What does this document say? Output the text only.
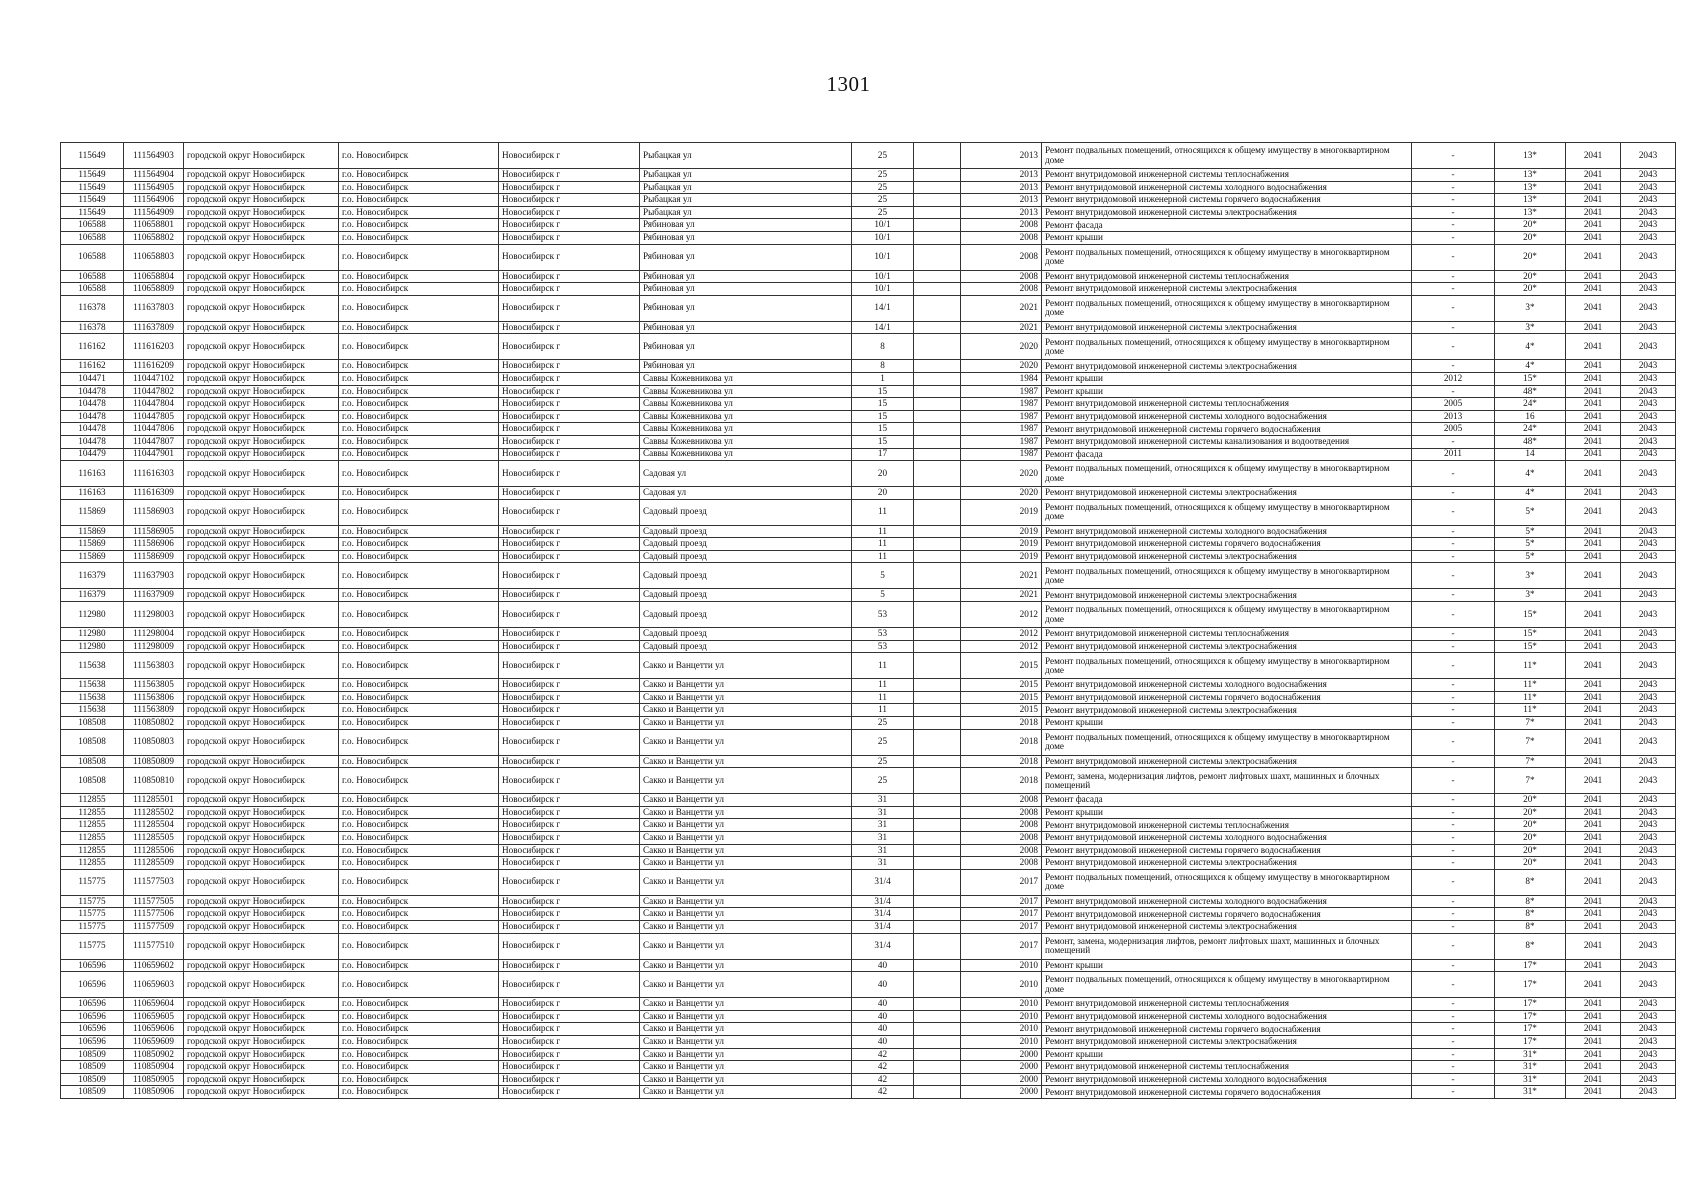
1301
115649	111564903	городской округ Новосибирск	г.о. Новосибирск	Новосибирск г	Рыбацкая ул	25		2013	Ремонт подвальных помещений, относящихся к общему имуществу в многоквартирном доме	-	13*	2041	2043
115649	111564904	городской округ Новосибирск	г.о. Новосибирск	Новосибирск г	Рыбацкая ул	25		2013	Ремонт внутридомовой инженерной системы теплоснабжения	-	13*	2041	2043
115649	111564905	городской округ Новосибирск	г.о. Новосибирск	Новосибирск г	Рыбацкая ул	25		2013	Ремонт внутридомовой инженерной системы холодного водоснабжения	-	13*	2041	2043
115649	111564906	городской округ Новосибирск	г.о. Новосибирск	Новосибирск г	Рыбацкая ул	25		2013	Ремонт внутридомовой инженерной системы горячего водоснабжения	-	13*	2041	2043
115649	111564909	городской округ Новосибирск	г.о. Новосибирск	Новосибирск г	Рыбацкая ул	25		2013	Ремонт внутридомовой инженерной системы электроснабжения	-	13*	2041	2043
106588	110658801	городской округ Новосибирск	г.о. Новосибирск	Новосибирск г	Рябиновая ул	10/1		2008	Ремонт фасада	-	20*	2041	2043
106588	110658802	городской округ Новосибирск	г.о. Новосибирск	Новосибирск г	Рябиновая ул	10/1		2008	Ремонт крыши	-	20*	2041	2043
106588	110658803	городской округ Новосибирск	г.о. Новосибирск	Новосибирск г	Рябиновая ул	10/1		2008	Ремонт подвальных помещений, относящихся к общему имуществу в многоквартирном доме	-	20*	2041	2043
106588	110658804	городской округ Новосибирск	г.о. Новосибирск	Новосибирск г	Рябиновая ул	10/1		2008	Ремонт внутридомовой инженерной системы теплоснабжения	-	20*	2041	2043
106588	110658809	городской округ Новосибирск	г.о. Новосибирск	Новосибирск г	Рябиновая ул	10/1		2008	Ремонт внутридомовой инженерной системы электроснабжения	-	20*	2041	2043
116378	111637803	городской округ Новосибирск	г.о. Новосибирск	Новосибирск г	Рябиновая ул	14/1		2021	Ремонт подвальных помещений, относящихся к общему имуществу в многоквартирном доме	-	3*	2041	2043
116378	111637809	городской округ Новосибирск	г.о. Новосибирск	Новосибирск г	Рябиновая ул	14/1		2021	Ремонт внутридомовой инженерной системы электроснабжения	-	3*	2041	2043
116162	111616203	городской округ Новосибирск	г.о. Новосибирск	Новосибирск г	Рябиновая ул	8		2020	Ремонт подвальных помещений, относящихся к общему имуществу в многоквартирном доме	-	4*	2041	2043
116162	111616209	городской округ Новосибирск	г.о. Новосибирск	Новосибирск г	Рябиновая ул	8		2020	Ремонт внутридомовой инженерной системы электроснабжения	-	4*	2041	2043
104471	110447102	городской округ Новосибирск	г.о. Новосибирск	Новосибирск г	Саввы Кожевникова ул	1		1984	Ремонт крыши	2012	15*	2041	2043
104478	110447802	городской округ Новосибирск	г.о. Новосибирск	Новосибирск г	Саввы Кожевникова ул	15		1987	Ремонт крыши	-	48*	2041	2043
104478	110447804	городской округ Новосибирск	г.о. Новосибирск	Новосибирск г	Саввы Кожевникова ул	15		1987	Ремонт внутридомовой инженерной системы теплоснабжения	2005	24*	2041	2043
104478	110447805	городской округ Новосибирск	г.о. Новосибирск	Новосибирск г	Саввы Кожевникова ул	15		1987	Ремонт внутридомовой инженерной системы холодного водоснабжения	2013	16	2041	2043
104478	110447806	городской округ Новосибирск	г.о. Новосибирск	Новосибирск г	Саввы Кожевникова ул	15		1987	Ремонт внутридомовой инженерной системы горячего водоснабжения	2005	24*	2041	2043
104478	110447807	городской округ Новосибирск	г.о. Новосибирск	Новосибирск г	Саввы Кожевникова ул	15		1987	Ремонт внутридомовой инженерной системы канализования и водоотведения	-	48*	2041	2043
104479	110447901	городской округ Новосибирск	г.о. Новосибирск	Новосибирск г	Саввы Кожевникова ул	17		1987	Ремонт фасада	2011	14	2041	2043
116163	111616303	городской округ Новосибирск	г.о. Новосибирск	Новосибирск г	Садовая ул	20		2020	Ремонт подвальных помещений, относящихся к общему имуществу в многоквартирном доме	-	4*	2041	2043
116163	111616309	городской округ Новосибирск	г.о. Новосибирск	Новосибирск г	Садовая ул	20		2020	Ремонт внутридомовой инженерной системы электроснабжения	-	4*	2041	2043
115869	111586903	городской округ Новосибирск	г.о. Новосибирск	Новосибирск г	Садовый проезд	11		2019	Ремонт подвальных помещений, относящихся к общему имуществу в многоквартирном доме	-	5*	2041	2043
115869	111586905	городской округ Новосибирск	г.о. Новосибирск	Новосибирск г	Садовый проезд	11		2019	Ремонт внутридомовой инженерной системы холодного водоснабжения	-	5*	2041	2043
115869	111586906	городской округ Новосибирск	г.о. Новосибирск	Новосибирск г	Садовый проезд	11		2019	Ремонт внутридомовой инженерной системы горячего водоснабжения	-	5*	2041	2043
115869	111586909	городской округ Новосибирск	г.о. Новосибирск	Новосибирск г	Садовый проезд	11		2019	Ремонт внутридомовой инженерной системы электроснабжения	-	5*	2041	2043
116379	111637903	городской округ Новосибирск	г.о. Новосибирск	Новосибирск г	Садовый проезд	5		2021	Ремонт подвальных помещений, относящихся к общему имуществу в многоквартирном доме	-	3*	2041	2043
116379	111637909	городской округ Новосибирск	г.о. Новосибирск	Новосибирск г	Садовый проезд	5		2021	Ремонт внутридомовой инженерной системы электроснабжения	-	3*	2041	2043
112980	111298003	городской округ Новосибирск	г.о. Новосибирск	Новосибирск г	Садовый проезд	53		2012	Ремонт подвальных помещений, относящихся к общему имуществу в многоквартирном доме	-	15*	2041	2043
112980	111298004	городской округ Новосибирск	г.о. Новосибирск	Новосибирск г	Садовый проезд	53		2012	Ремонт внутридомовой инженерной системы теплоснабжения	-	15*	2041	2043
112980	111298009	городской округ Новосибирск	г.о. Новосибирск	Новосибирск г	Садовый проезд	53		2012	Ремонт внутридомовой инженерной системы электроснабжения	-	15*	2041	2043
115638	111563803	городской округ Новосибирск	г.о. Новосибирск	Новосибирск г	Сакко и Ванцетти ул	11		2015	Ремонт подвальных помещений, относящихся к общему имуществу в многоквартирном доме	-	11*	2041	2043
115638	111563805	городской округ Новосибирск	г.о. Новосибирск	Новосибирск г	Сакко и Ванцетти ул	11		2015	Ремонт внутридомовой инженерной системы холодного водоснабжения	-	11*	2041	2043
115638	111563806	городской округ Новосибирск	г.о. Новосибирск	Новосибирск г	Сакко и Ванцетти ул	11		2015	Ремонт внутридомовой инженерной системы горячего водоснабжения	-	11*	2041	2043
115638	111563809	городской округ Новосибирск	г.о. Новосибирск	Новосибирск г	Сакко и Ванцетти ул	11		2015	Ремонт внутридомовой инженерной системы электроснабжения	-	11*	2041	2043
108508	110850802	городской округ Новосибирск	г.о. Новосибирск	Новосибирск г	Сакко и Ванцетти ул	25		2018	Ремонт крыши	-	7*	2041	2043
108508	110850803	городской округ Новосибирск	г.о. Новосибирск	Новосибирск г	Сакко и Ванцетти ул	25		2018	Ремонт подвальных помещений, относящихся к общему имуществу в многоквартирном доме	-	7*	2041	2043
108508	110850809	городской округ Новосибирск	г.о. Новосибирск	Новосибирск г	Сакко и Ванцетти ул	25		2018	Ремонт внутридомовой инженерной системы электроснабжения	-	7*	2041	2043
108508	110850810	городской округ Новосибирск	г.о. Новосибирск	Новосибирск г	Сакко и Ванцетти ул	25		2018	Ремонт, замена, модернизация лифтов, ремонт лифтовых шахт, машинных и блочных помещений	-	7*	2041	2043
112855	111285501	городской округ Новосибирск	г.о. Новосибирск	Новосибирск г	Сакко и Ванцетти ул	31		2008	Ремонт фасада	-	20*	2041	2043
112855	111285502	городской округ Новосибирск	г.о. Новосибирск	Новосибирск г	Сакко и Ванцетти ул	31		2008	Ремонт крыши	-	20*	2041	2043
112855	111285504	городской округ Новосибирск	г.о. Новосибирск	Новосибирск г	Сакко и Ванцетти ул	31		2008	Ремонт внутридомовой инженерной системы теплоснабжения	-	20*	2041	2043
112855	111285505	городской округ Новосибирск	г.о. Новосибирск	Новосибирск г	Сакко и Ванцетти ул	31		2008	Ремонт внутридомовой инженерной системы холодного водоснабжения	-	20*	2041	2043
112855	111285506	городской округ Новосибирск	г.о. Новосибирск	Новосибирск г	Сакко и Ванцетти ул	31		2008	Ремонт внутридомовой инженерной системы горячего водоснабжения	-	20*	2041	2043
112855	111285509	городской округ Новосибирск	г.о. Новосибирск	Новосибирск г	Сакко и Ванцетти ул	31		2008	Ремонт внутридомовой инженерной системы электроснабжения	-	20*	2041	2043
115775	111577503	городской округ Новосибирск	г.о. Новосибирск	Новосибирск г	Сакко и Ванцетти ул	31/4		2017	Ремонт подвальных помещений, относящихся к общему имуществу в многоквартирном доме	-	8*	2041	2043
115775	111577505	городской округ Новосибирск	г.о. Новосибирск	Новосибирск г	Сакко и Ванцетти ул	31/4		2017	Ремонт внутридомовой инженерной системы холодного водоснабжения	-	8*	2041	2043
115775	111577506	городской округ Новосибирск	г.о. Новосибирск	Новосибирск г	Сакко и Ванцетти ул	31/4		2017	Ремонт внутридомовой инженерной системы горячего водоснабжения	-	8*	2041	2043
115775	111577509	городской округ Новосибирск	г.о. Новосибирск	Новосибирск г	Сакко и Ванцетти ул	31/4		2017	Ремонт внутридомовой инженерной системы электроснабжения	-	8*	2041	2043
115775	111577510	городской округ Новосибирск	г.о. Новосибирск	Новосибирск г	Сакко и Ванцетти ул	31/4		2017	Ремонт, замена, модернизация лифтов, ремонт лифтовых шахт, машинных и блочных помещений	-	8*	2041	2043
106596	110659602	городской округ Новосибирск	г.о. Новосибирск	Новосибирск г	Сакко и Ванцетти ул	40		2010	Ремонт крыши	-	17*	2041	2043
106596	110659603	городской округ Новосибирск	г.о. Новосибирск	Новосибирск г	Сакко и Ванцетти ул	40		2010	Ремонт подвальных помещений, относящихся к общему имуществу в многоквартирном доме	-	17*	2041	2043
106596	110659604	городской округ Новосибирск	г.о. Новосибирск	Новосибирск г	Сакко и Ванцетти ул	40		2010	Ремонт внутридомовой инженерной системы теплоснабжения	-	17*	2041	2043
106596	110659605	городской округ Новосибирск	г.о. Новосибирск	Новосибирск г	Сакко и Ванцетти ул	40		2010	Ремонт внутридомовой инженерной системы холодного водоснабжения	-	17*	2041	2043
106596	110659606	городской округ Новосибирск	г.о. Новосибирск	Новосибирск г	Сакко и Ванцетти ул	40		2010	Ремонт внутридомовой инженерной системы горячего водоснабжения	-	17*	2041	2043
106596	110659609	городской округ Новосибирск	г.о. Новосибирск	Новосибирск г	Сакко и Ванцетти ул	40		2010	Ремонт внутридомовой инженерной системы электроснабжения	-	17*	2041	2043
108509	110850902	городской округ Новосибирск	г.о. Новосибирск	Новосибирск г	Сакко и Ванцетти ул	42		2000	Ремонт крыши	-	31*	2041	2043
108509	110850904	городской округ Новосибирск	г.о. Новосибирск	Новосибирск г	Сакко и Ванцетти ул	42		2000	Ремонт внутридомовой инженерной системы теплоснабжения	-	31*	2041	2043
108509	110850905	городской округ Новосибирск	г.о. Новосибирск	Новосибирск г	Сакко и Ванцетти ул	42		2000	Ремонт внутридомовой инженерной системы холодного водоснабжения	-	31*	2041	2043
108509	110850906	городской округ Новосибирск	г.о. Новосибирск	Новосибирск г	Сакко и Ванцетти ул	42		2000	Ремонт внутридомовой инженерной системы горячего водоснабжения	-	31*	2041	2043
